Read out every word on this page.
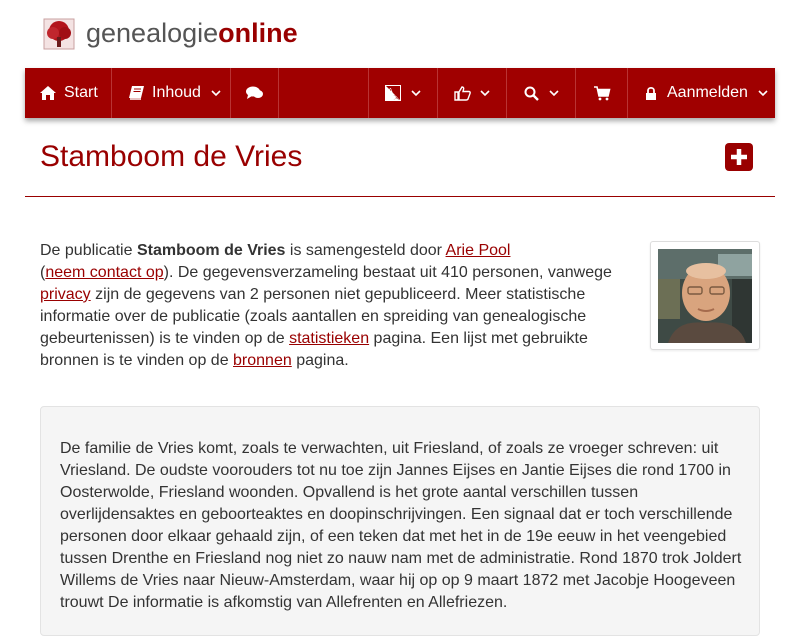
genealogieonline
Start	Inhoud	A
文	Aanmelden
Stamboom de Vries

De publicatie Stamboom de Vries is samengesteld door Arie Pool
(neem contact op). De gegevensverzameling bestaat uit 410 personen, vanwege privacy zijn de gegevens van 2 personen niet gepubliceerd. Meer statistische informatie over de publicatie (zoals aantallen en spreiding van genealogische gebeurtenissen) is te vinden op de statistieken pagina. Een lijst met gebruikte bronnen is te vinden op de bronnen pagina.

De familie de Vries komt, zoals te verwachten, uit Friesland, of zoals ze vroeger schreven: uit Vriesland. De oudste voorouders tot nu toe zijn Jannes Eijses en Jantie Eijses die rond 1700 in Oosterwolde, Friesland woonden. Opvallend is het grote aantal verschillen tussen overlijdensaktes en geboorteaktes en doopinschrijvingen. Een signaal dat er toch verschillende personen door elkaar gehaald zijn, of een teken dat met het in de 19e eeuw in het veengebied tussen Drenthe en Friesland nog niet zo nauw nam met de administratie. Rond 1870 trok Joldert Willems de Vries naar Nieuw-Amsterdam, waar hij op op 9 maart 1872 met Jacobje Hoogeveen trouwt De informatie is afkomstig van Allefrenten en Allefriezen.
